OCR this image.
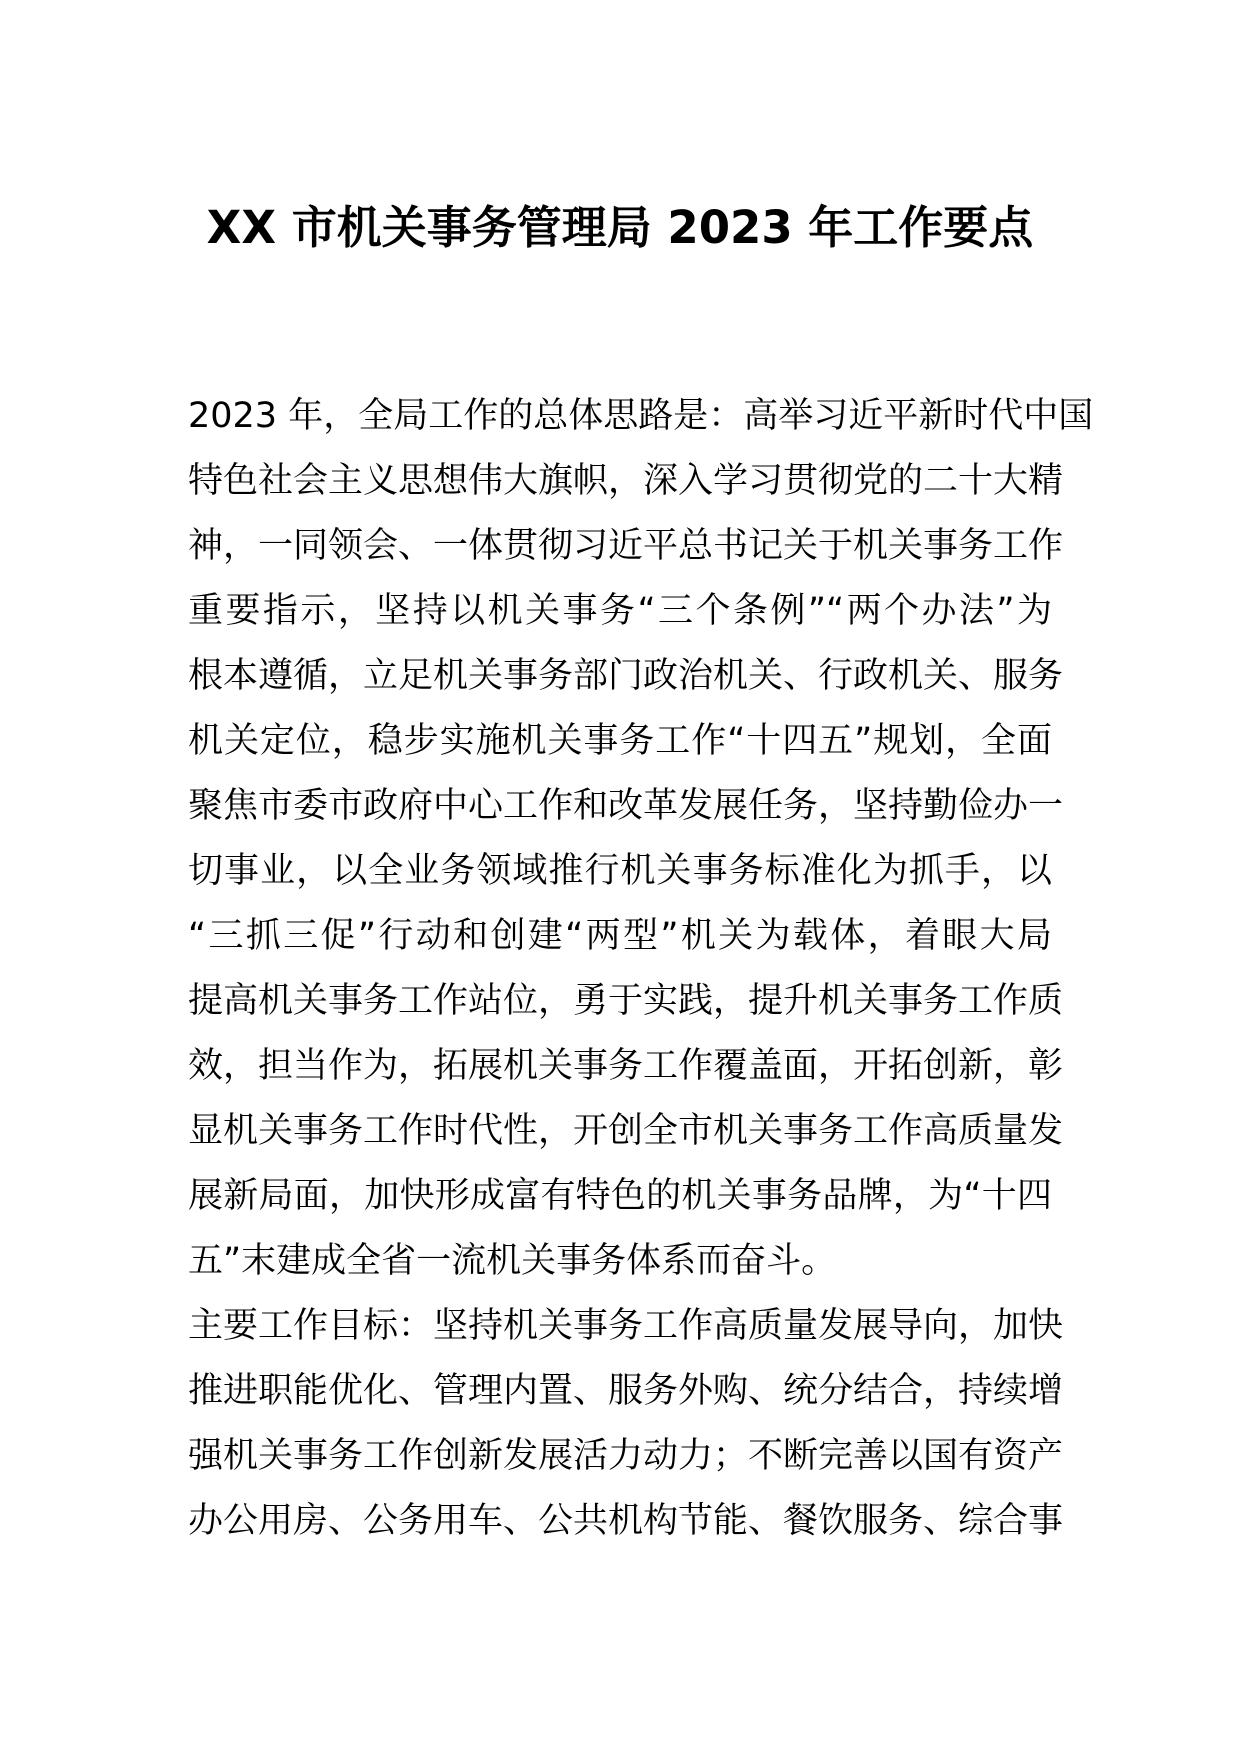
XX 市机关事务管理局 2023 年工作要点
2023 年，全局工作的总体思路是：高举习近平新时代中国
特色社会主义思想伟大旗帜，深入学习贯彻党的二十大精
神，一同领会、一体贯彻习近平总书记关于机关事务工作
重要指示，坚持以机关事务“三个条例”“两个办法”为
根本遵循，立足机关事务部门政治机关、行政机关、服务
机关定位，稳步实施机关事务工作“十四五”规划，全面
聚焦市委市政府中心工作和改革发展任务，坚持勤俭办一
切事业，以全业务领域推行机关事务标准化为抓手，以
“三抓三促”行动和创建“两型”机关为载体，着眼大局
提高机关事务工作站位，勇于实践，提升机关事务工作质
效，担当作为，拓展机关事务工作覆盖面，开拓创新，彰
显机关事务工作时代性，开创全市机关事务工作高质量发
展新局面，加快形成富有特色的机关事务品牌，为“十四
五”末建成全省一流机关事务体系而奋斗。
主要工作目标：坚持机关事务工作高质量发展导向，加快
推进职能优化、管理内置、服务外购、统分结合，持续增
强机关事务工作创新发展活力动力；不断完善以国有资产
办公用房、公务用车、公共机构节能、餐饮服务、综合事
